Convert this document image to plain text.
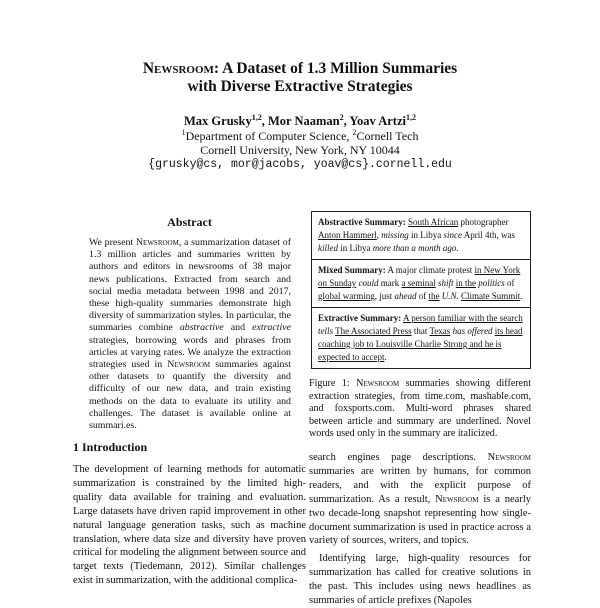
Newsroom: A Dataset of 1.3 Million Summaries
with Diverse Extractive Strategies
Max Grusky$^{1,2}$, Mor Naaman$^2$, Yoav Artzi$^{1,2}$
$^1$Department of Computer Science, $^2$Cornell Tech
Cornell University, New York, NY 10044
{grusky@cs, mor@jacobs, yoav@cs}.cornell.edu
Abstract
We present Newsroom, a summarization dataset of 1.3 million articles and summaries written by authors and editors in newsrooms of 38 major news publications. Extracted from search and social media metadata between 1998 and 2017, these high-quality summaries demonstrate high diversity of summarization styles. In particular, the summaries combine abstractive and extractive strategies, borrowing words and phrases from articles at varying rates. We analyze the extraction strategies used in Newsroom summaries against other datasets to quantify the diversity and difficulty of our new data, and train existing methods on the data to evaluate its utility and challenges. The dataset is available online at summari.es.
1 Introduction
The development of learning methods for automatic summarization is constrained by the limited high-quality data available for training and evaluation. Large datasets have driven rapid improvement in other natural language generation tasks, such as machine translation, where data size and diversity have proven critical for modeling the alignment between source and target texts (Tiedemann, 2012). Similar challenges exist in summarization, with the additional complica-
Abstractive Summary: South African photographer Anton Hammerl, missing in Libya since April 4th, was killed in Libya more than a month ago.
Mixed Summary: A major climate protest in New York on Sunday could mark a seminal shift in the politics of global warming, just ahead of the U.N. Climate Summit.
Extractive Summary: A person familiar with the search tells The Associated Press that Texas has offered its head coaching job to Louisville Charlie Strong and he is expected to accept.
Figure 1: Newsroom summaries showing different extraction strategies, from time.com, mashable.com, and foxsports.com. Multi-word phrases shared between article and summary are underlined. Novel words used only in the summary are italicized.

search engines page descriptions. Newsroom summaries are written by humans, for common readers, and with the explicit purpose of summarization. As a result, Newsroom is a nearly two decade-long snapshot representing how single-document summarization is used in practice across a variety of sources, writers, and topics.

Identifying large, high-quality resources for summarization has called for creative solutions in the past. This includes using news headlines as summaries of article prefixes (Napoles
